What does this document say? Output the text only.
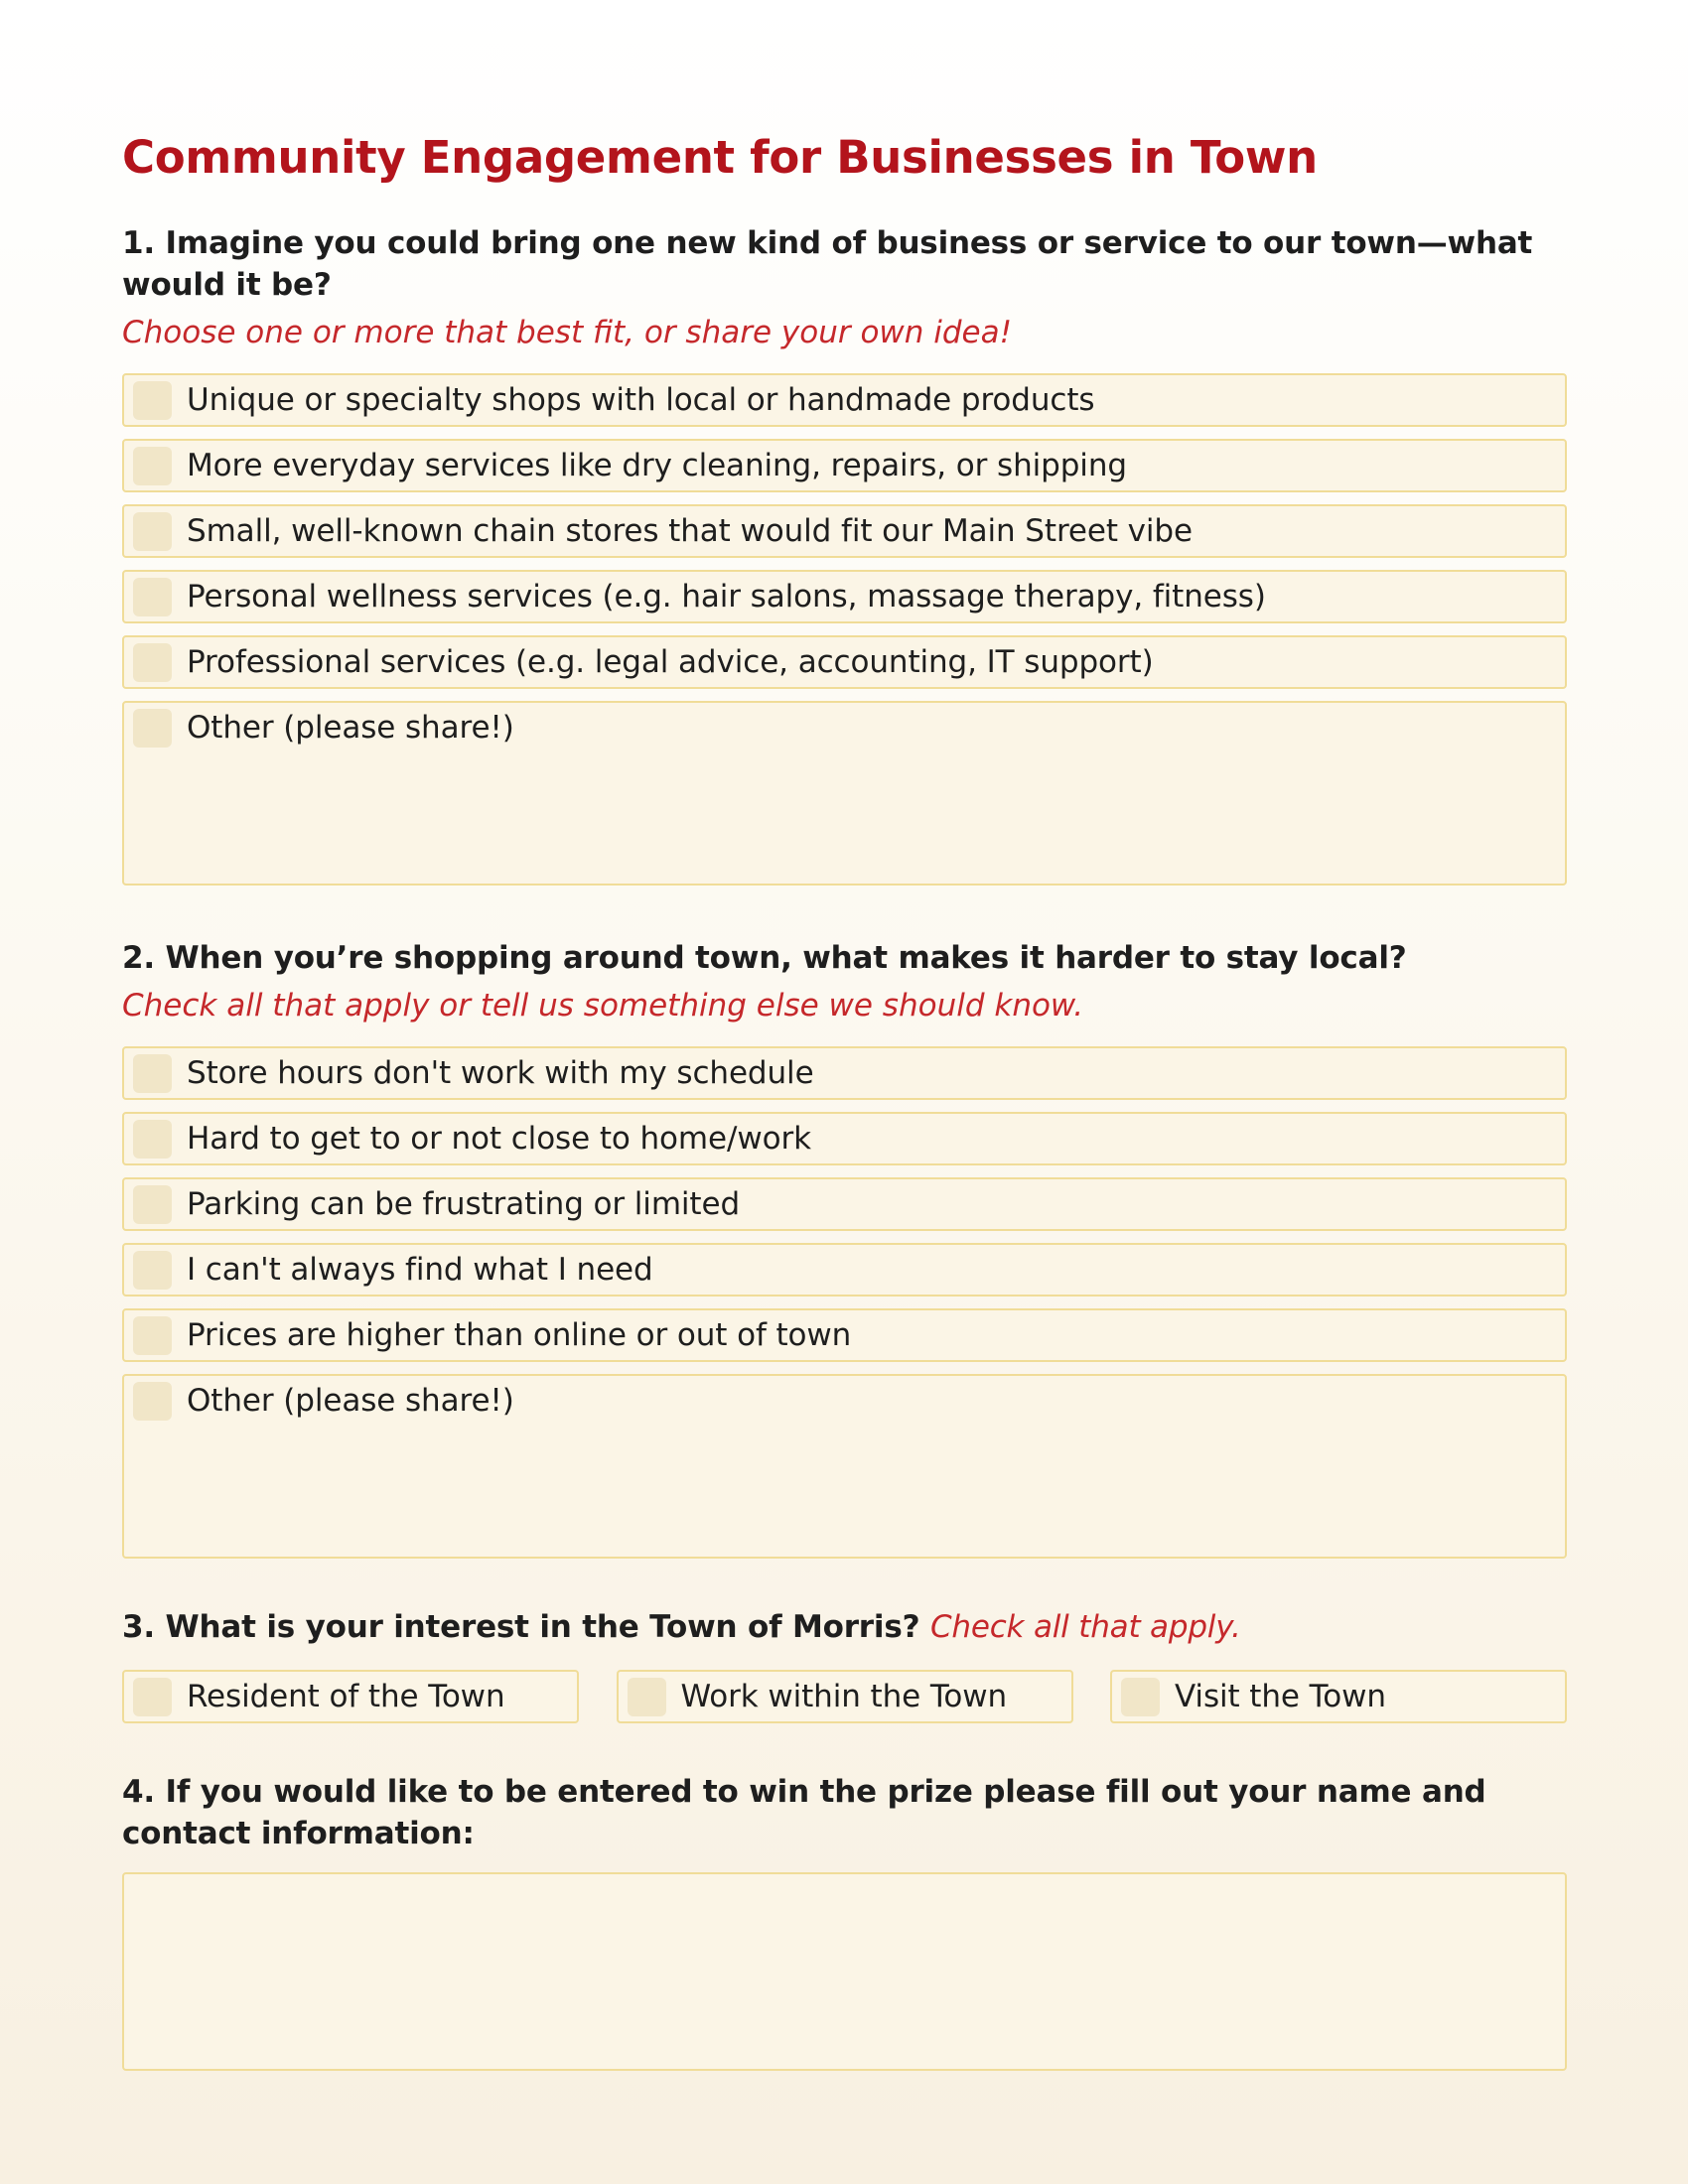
Community Engagement for Businesses in Town

1. Imagine you could bring one new kind of business or service to our town—what would it be?

Choose one or more that best fit, or share your own idea!

Unique or specialty shops with local or handmade products
More everyday services like dry cleaning, repairs, or shipping
Small, well-known chain stores that would fit our Main Street vibe
Personal wellness services (e.g. hair salons, massage therapy, fitness)
Professional services (e.g. legal advice, accounting, IT support)
Other (please share!)

2. When you’re shopping around town, what makes it harder to stay local?

Check all that apply or tell us something else we should know.

Store hours don't work with my schedule
Hard to get to or not close to home/work
Parking can be frustrating or limited
I can't always find what I need
Prices are higher than online or out of town
Other (please share!)

3. What is your interest in the Town of Morris? Check all that apply.

Resident of the Town	Work within the Town	Visit the Town

4. If you would like to be entered to win the prize please fill out your name and contact information:
